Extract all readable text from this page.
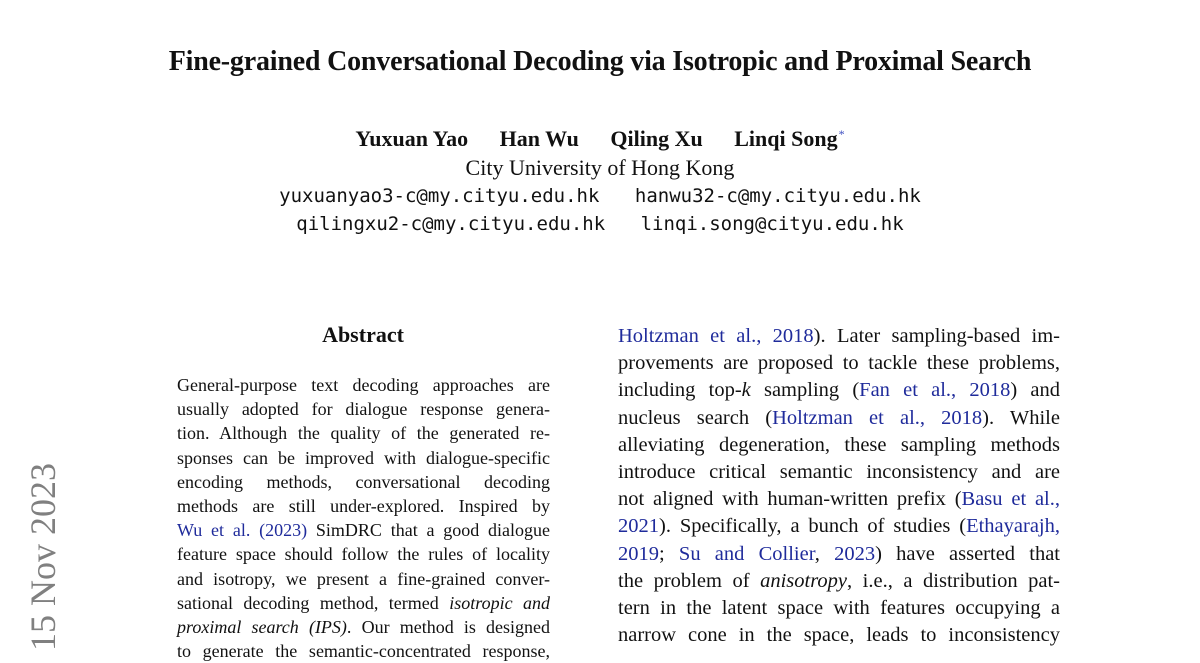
Fine-grained Conversational Decoding via Isotropic and Proximal Search
Yuxuan Yao Han Wu Qiling Xu Linqi Song*
City University of Hong Kong
yuxuanyao3-c@my.cityu.edu.hk hanwu32-c@my.cityu.edu.hk
qilingxu2-c@my.cityu.edu.hk linqi.song@cityu.edu.hk
15 Nov 2023
Abstract
General-purpose text decoding approaches are
usually adopted for dialogue response genera-
tion. Although the quality of the generated re-
sponses can be improved with dialogue-specific
encoding methods, conversational decoding
methods are still under-explored. Inspired by
Wu et al. (2023) SimDRC that a good dialogue
feature space should follow the rules of locality
and isotropy, we present a fine-grained conver-
sational decoding method, termed isotropic and
proximal search (IPS). Our method is designed
to generate the semantic-concentrated response,
Holtzman et al., 2018). Later sampling-based im-
provements are proposed to tackle these problems,
including top-k sampling (Fan et al., 2018) and
nucleus search (Holtzman et al., 2018). While
alleviating degeneration, these sampling methods
introduce critical semantic inconsistency and are
not aligned with human-written prefix (Basu et al.,
2021). Specifically, a bunch of studies (Ethayarajh,
2019; Su and Collier, 2023) have asserted that
the problem of anisotropy, i.e., a distribution pat-
tern in the latent space with features occupying a
narrow cone in the space, leads to inconsistency
